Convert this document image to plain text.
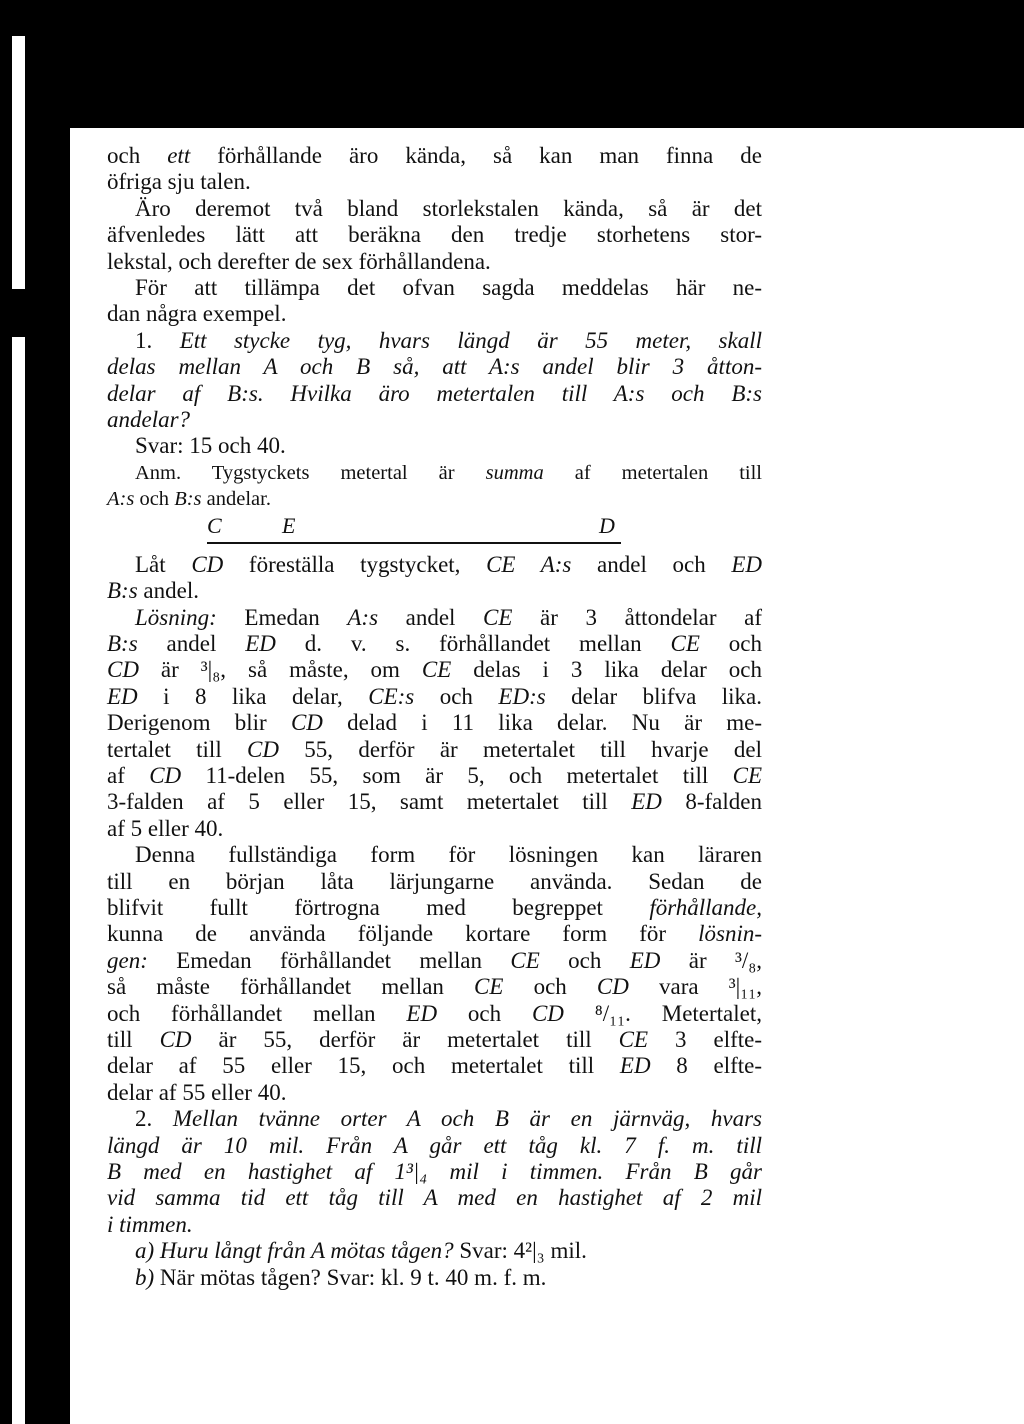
och ett förhållande äro kända, så kan man finna de
öfriga sju talen.
Äro deremot två bland storlekstalen kända, så är det
äfvenledes lätt att beräkna den tredje storhetens stor-
lekstal, och derefter de sex förhållandena.
För att tillämpa det ofvan sagda meddelas här ne-
dan några exempel.
1. Ett stycke tyg, hvars längd är 55 meter, skall
delas mellan A och B så, att A:s andel blir 3 åtton-
delar af B:s. Hvilka äro metertalen till A:s och B:s
andelar?
Svar: 15 och 40.
Anm. Tygstyckets metertal är summa af metertalen till
A:s och B:s andelar.
C	E	D
Låt CD föreställa tygstycket, CE A:s andel och ED
B:s andel.
Lösning: Emedan A:s andel CE är 3 åttondelar af
B:s andel ED d. v. s. förhållandet mellan CE och
CD är ³|₈, så måste, om CE delas i 3 lika delar och
ED i 8 lika delar, CE:s och ED:s delar blifva lika.
Derigenom blir CD delad i 11 lika delar. Nu är me-
tertalet till CD 55, derför är metertalet till hvarje del
af CD 11-delen 55, som är 5, och metertalet till CE
3-falden af 5 eller 15, samt metertalet till ED 8-falden
af 5 eller 40.
Denna fullständiga form för lösningen kan läraren
till en början låta lärjungarne använda. Sedan de
blifvit fullt förtrogna med begreppet förhållande,
kunna de använda följande kortare form för lösnin-
gen: Emedan förhållandet mellan CE och ED är ³/₈,
så måste förhållandet mellan CE och CD vara ³|₁₁,
och förhållandet mellan ED och CD ⁸/₁₁. Metertalet,
till CD är 55, derför är metertalet till CE 3 elfte-
delar af 55 eller 15, och metertalet till ED 8 elfte-
delar af 55 eller 40.
2. Mellan tvänne orter A och B är en järnväg, hvars
längd är 10 mil. Från A går ett tåg kl. 7 f. m. till
B med en hastighet af 1³|₄ mil i timmen. Från B går
vid samma tid ett tåg till A med en hastighet af 2 mil
i timmen.
a) Huru långt från A mötas tågen? Svar: 4²|₃ mil.
b) När mötas tågen? Svar: kl. 9 t. 40 m. f. m.
